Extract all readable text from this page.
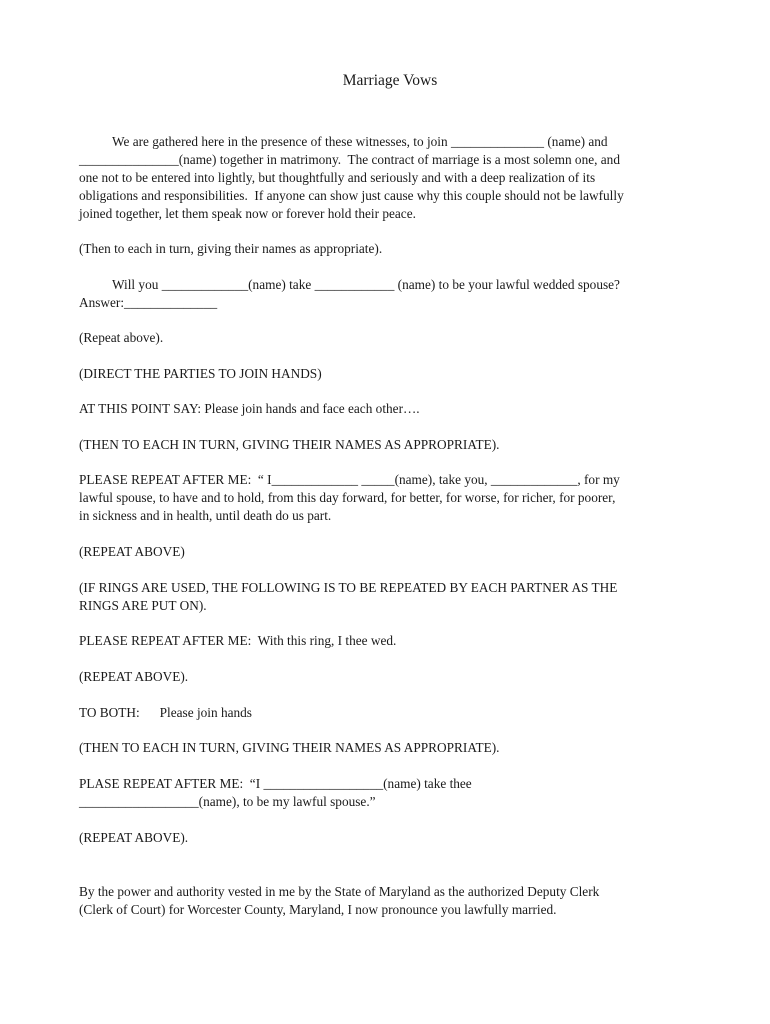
Marriage Vows

We are gathered here in the presence of these witnesses, to join ______________ (name) and
_______________(name) together in matrimony.  The contract of marriage is a most solemn one, and
one not to be entered into lightly, but thoughtfully and seriously and with a deep realization of its
obligations and responsibilities.  If anyone can show just cause why this couple should not be lawfully
joined together, let them speak now or forever hold their peace.

(Then to each in turn, giving their names as appropriate).

Will you _____________(name) take ____________ (name) to be your lawful wedded spouse?
Answer:______________

(Repeat above).

(DIRECT THE PARTIES TO JOIN HANDS)

AT THIS POINT SAY: Please join hands and face each other….

(THEN TO EACH IN TURN, GIVING THEIR NAMES AS APPROPRIATE).

PLEASE REPEAT AFTER ME:  “ I_____________ _____(name), take you, _____________, for my
lawful spouse, to have and to hold, from this day forward, for better, for worse, for richer, for poorer,
in sickness and in health, until death do us part.

(REPEAT ABOVE)

(IF RINGS ARE USED, THE FOLLOWING IS TO BE REPEATED BY EACH PARTNER AS THE
RINGS ARE PUT ON).

PLEASE REPEAT AFTER ME:  With this ring, I thee wed.

(REPEAT ABOVE).

TO BOTH:      Please join hands

(THEN TO EACH IN TURN, GIVING THEIR NAMES AS APPROPRIATE).

PLASE REPEAT AFTER ME:  “I __________________(name) take thee
__________________(name), to be my lawful spouse.”

(REPEAT ABOVE).

By the power and authority vested in me by the State of Maryland as the authorized Deputy Clerk
(Clerk of Court) for Worcester County, Maryland, I now pronounce you lawfully married.
